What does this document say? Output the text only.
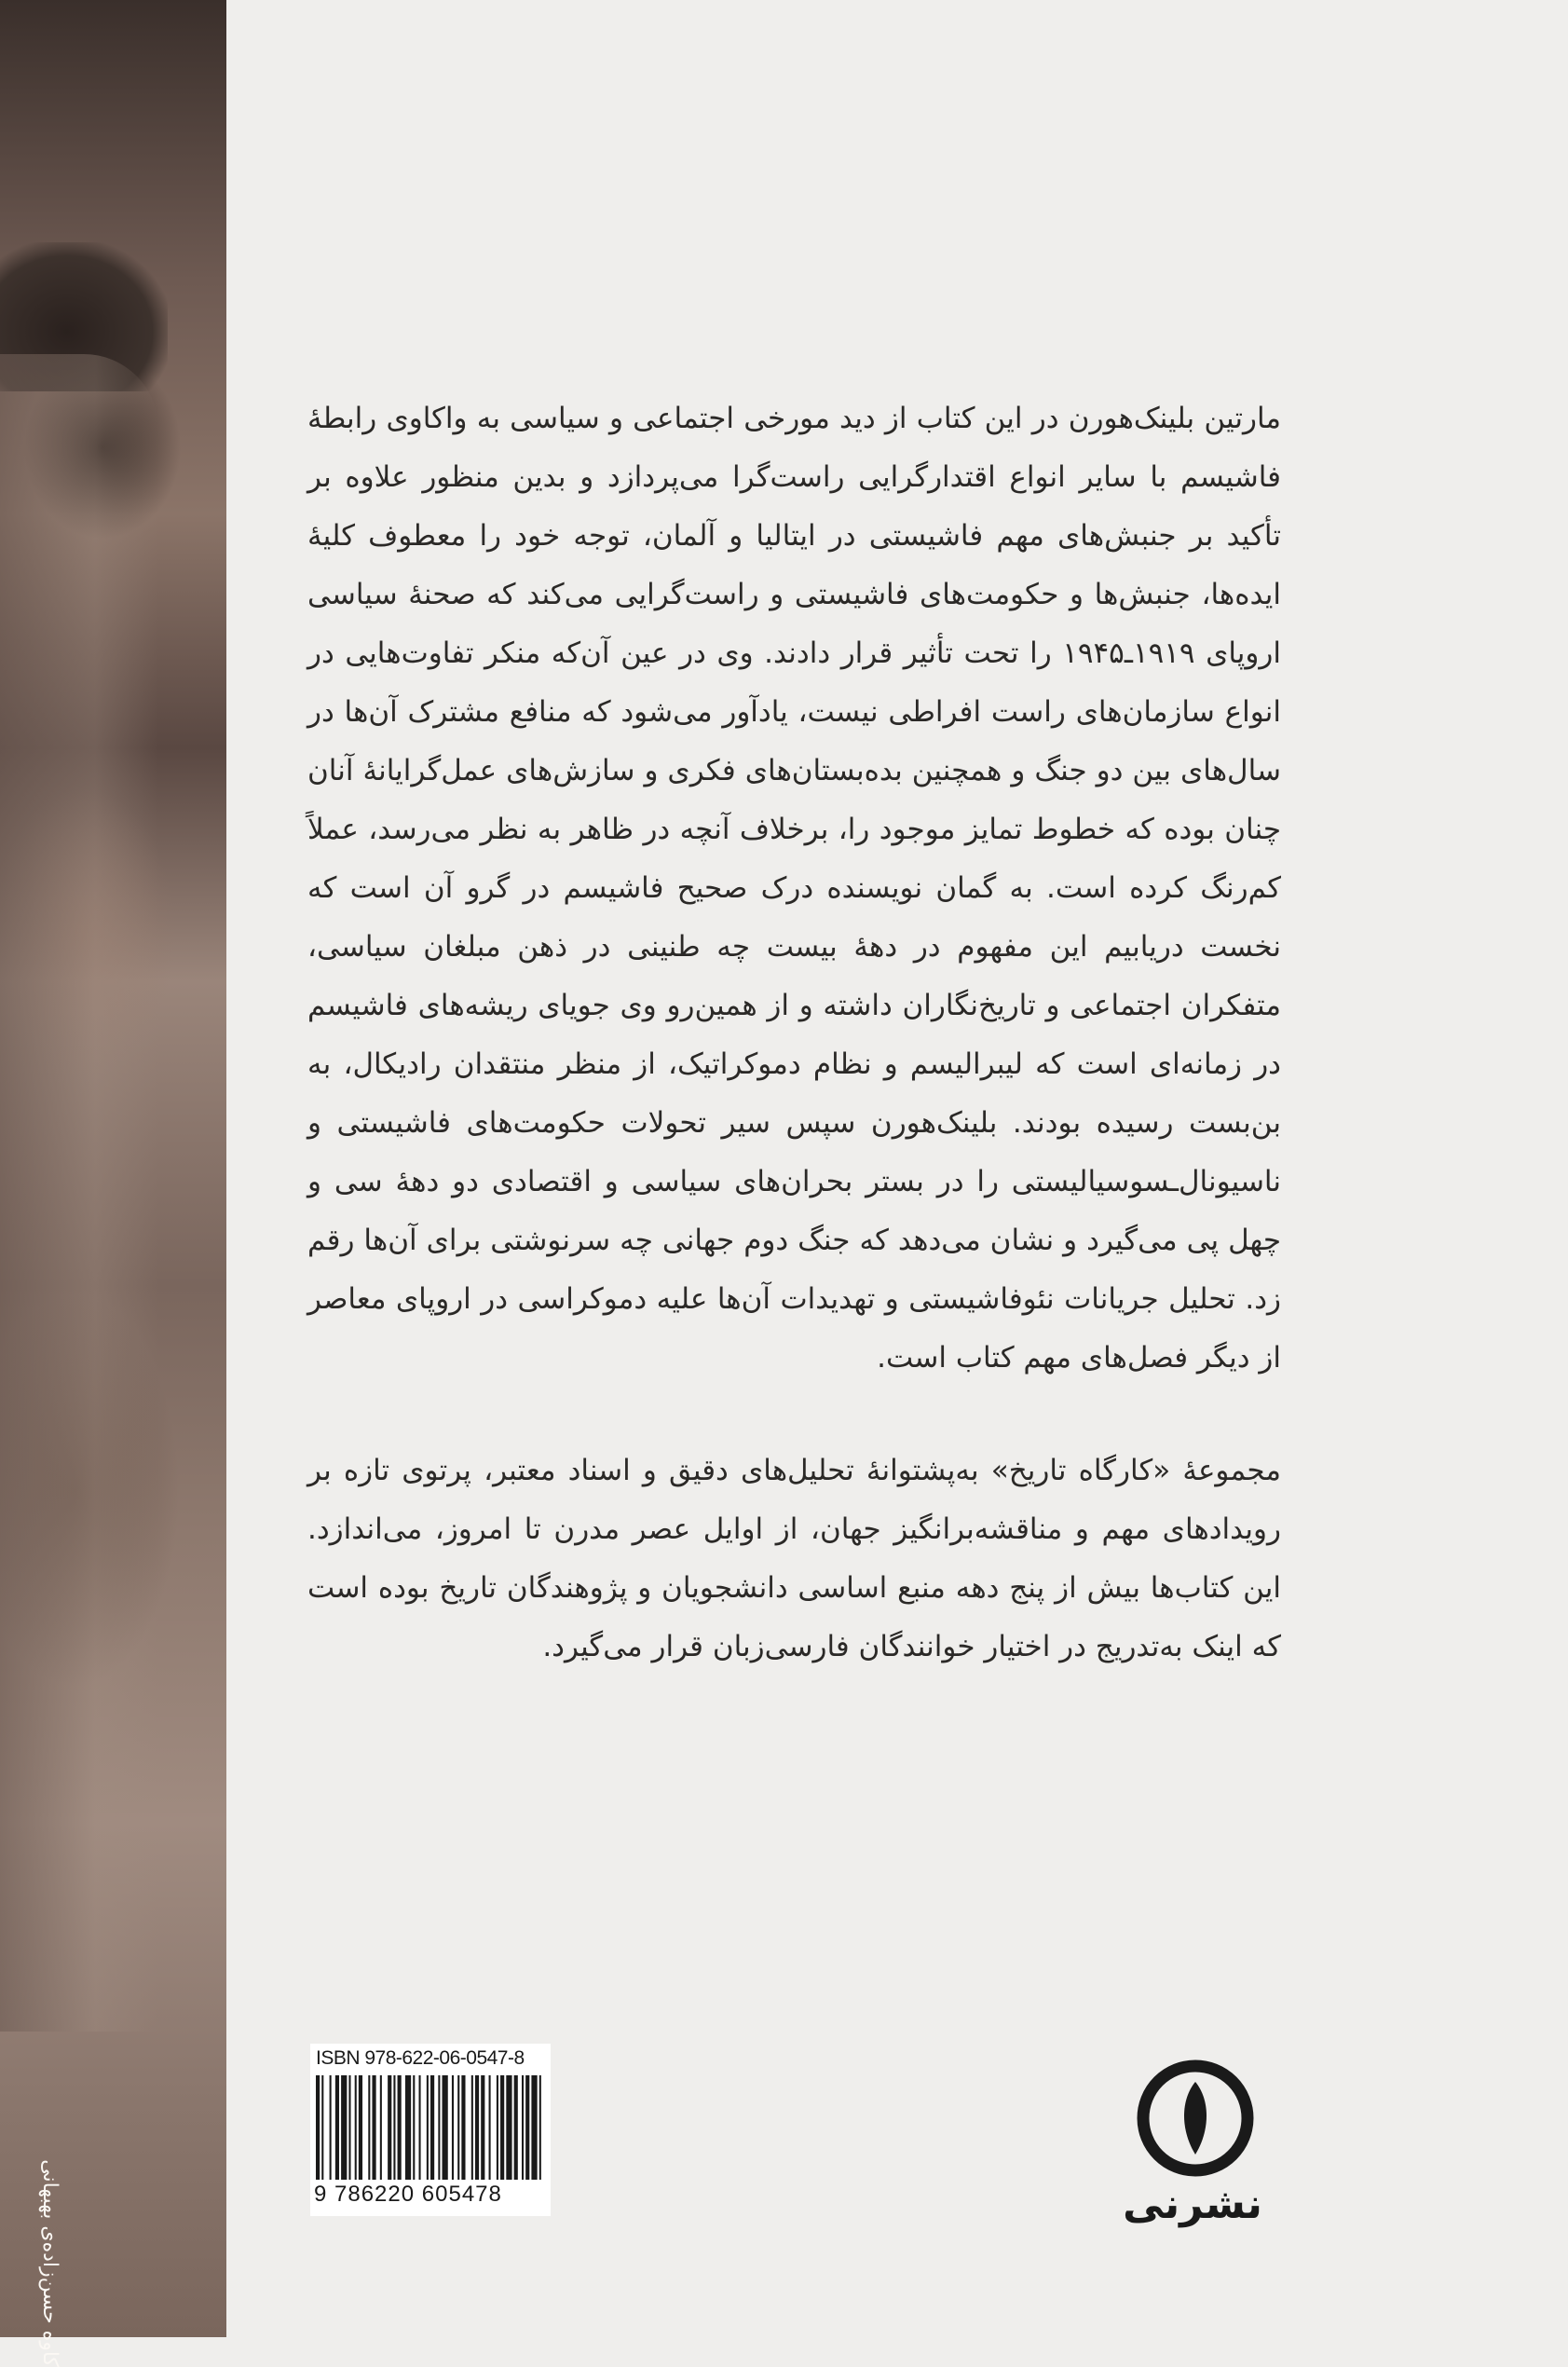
کاوه حسن‌زاده‌ی بهبهانی

مارتین بلینک‌هورن در این کتاب از دید مورخی اجتماعی و سیاسی به واکاوی رابطهٔ فاشیسم با سایر انواع اقتدارگرایی راست‌گرا می‌پردازد و بدین منظور علاوه بر تأکید بر جنبش‌های مهم فاشیستی در ایتالیا و آلمان، توجه خود را معطوف کلیهٔ ایده‌ها، جنبش‌ها و حکومت‌های فاشیستی و راست‌گرایی می‌کند که صحنهٔ سیاسی اروپای ۱۹۱۹ـ۱۹۴۵ را تحت تأثیر قرار دادند. وی در عین آن‌که منکر تفاوت‌هایی در انواع سازمان‌های راست افراطی نیست، یادآور می‌شود که منافع مشترک آن‌ها در سال‌های بین دو جنگ و همچنین بده‌بستان‌های فکری و سازش‌های عمل‌گرایانهٔ آنان چنان بوده که خطوط تمایز موجود را، برخلاف آنچه در ظاهر به نظر می‌رسد، عملاً کم‌رنگ کرده است. به گمان نویسنده درک صحیح فاشیسم در گرو آن است که نخست دریابیم این مفهوم در دههٔ بیست چه طنینی در ذهن مبلغان سیاسی، متفکران اجتماعی و تاریخ‌نگاران داشته و از همین‌رو وی جویای ریشه‌های فاشیسم در زمانه‌ای است که لیبرالیسم و نظام دموکراتیک، از منظر منتقدان رادیکال، به بن‌بست رسیده بودند. بلینک‌هورن سپس سیر تحولات حکومت‌های فاشیستی و ناسیونال‌ـسوسیالیستی را در بستر بحران‌های سیاسی و اقتصادی دو دههٔ سی و چهل پی می‌گیرد و نشان می‌دهد که جنگ دوم جهانی چه سرنوشتی برای آن‌ها رقم زد. تحلیل جریانات نئوفاشیستی و تهدیدات آن‌ها علیه دموکراسی در اروپای معاصر از دیگر فصل‌های مهم کتاب است.

مجموعهٔ «کارگاه تاریخ» به‌پشتوانهٔ تحلیل‌های دقیق و اسناد معتبر، پرتوی تازه بر رویدادهای مهم و مناقشه‌برانگیز جهان، از اوایل عصر مدرن تا امروز، می‌اندازد. این کتاب‌ها بیش از پنج دهه منبع اساسی دانشجویان و پژوهندگان تاریخ بوده است که اینک به‌تدریج در اختیار خوانندگان فارسی‌زبان قرار می‌گیرد.

ISBN 978-622-06-0547-8
9 786220 605478	نشرنی
